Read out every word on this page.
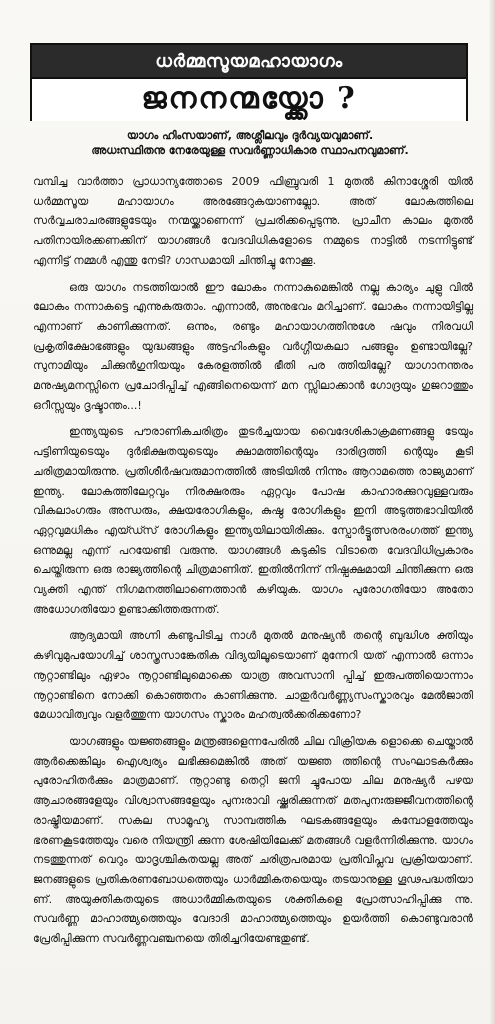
ധർമ്മസൂയമഹായാഗം
ജനനന്മയ്ക്കോ ?
യാഗം ഹിംസയാണ്, അശ്ലീലവും ദുർവ്യയവുമാണ്.
അധഃസ്ഥിതനു നേരേയുള്ള സവർണ്ണാധികാര സ്ഥാപനവുമാണ്.

വമ്പിച്ച വാർത്താ പ്രാധാന്യത്തോടെ 2009 ഫിബ്രുവരി 1 മുതൽ കിനാശ്ശേരി യിൽ ധർമ്മസൂയ മഹായാഗം അരങ്ങേറുകയാണല്ലോ. അത് ലോകത്തിലെ സർവ്വചരാചരങ്ങളുടേയും നന്മയ്ക്കാണെന്ന് പ്രചരിക്കപ്പെടുന്നു. പ്രാചീന കാലം മുതൽ പതിനായിരക്കണക്കിന് യാഗങ്ങൾ വേദവിധികളോടെ നമ്മുടെ നാട്ടിൽ നടന്നിട്ടുണ്ട് എന്നിട്ട് നമ്മൾ എന്തു നേടി? ഗാന്ധമായി ചിന്തിച്ചു നോക്കൂ.

ഒരു യാഗം നടത്തിയാൽ ഈ ലോകം നന്നാകുമെങ്കിൽ നല്ല കാര്യം ചുളു വിൽ ലോകം നന്നാകട്ടെ എന്നുകരുതാം. എന്നാൽ, അനുഭവം മറിച്ചാണ്. ലോകം നന്നായിട്ടില്ല എന്നാണ് കാണിക്കുന്നത്. ഒന്നും, രണ്ടും മഹായാഗത്തിനുശേ ഷവും നിരവധി പ്രകൃതിക്ഷോഭങ്ങളും യുദ്ധങ്ങളും അട്ടഹിംകളും വർഗ്ഗീയകലാ പങ്ങളും ഉണ്ടായില്ലേ? സുനാമിയും ചിക്കുൻഗുനിയയും കേരളത്തിൽ ഭീതി പര ത്തിയില്ലേ? യാഗാനന്തരം മനുഷ്യമനസ്സിനെ പ്രചോദിപ്പിച്ച് എങ്ങിനെയെന്ന് മന സ്സിലാക്കാൻ ഗോദ്രയും ഗുജറാത്തും ഒറീസ്സയും ദൃഷ്ടാന്തം...!

ഇന്ത്യയുടെ പൗരാണികചരിത്രം തുടർച്ചയായ വൈദേശികാക്രമണങ്ങളു ടേയും പട്ടിണിയുടെയും ദുർഭിക്ഷതയുടെയും ക്ഷാമത്തിന്റെയും ദാരിദ്രത്തി ന്റെയും കൂടി ചരിത്രമായിരുന്നു. പ്രതിശീർഷവരുമാനത്തിൽ അടിയിൽ നിന്നും ആറാമത്തെ രാജ്യമാണ് ഇന്ത്യ. ലോകത്തിലേറ്റവും നിരക്ഷരരും ഏറ്റവും പോഷ കാഹാരക്കുറവുള്ളവരും വികലാംഗരും അന്ധരും, ക്ഷയരോഗികളും, കുഷ്ഠ രോഗികളും ഇനി അടുത്തഭാവിയിൽ ഏറ്റവുമധികം എയ്ഡ്സ് രോഗികളും ഇന്ത്യയിലായിരിക്കും. സ്പോർട്ട്മത്സരരംഗത്ത് ഇന്ത്യ ഒന്നുമല്ല എന്ന് പറയേണ്ടി വരുന്നു. യാഗങ്ങൾ കടുകിട വിടാതെ വേദവിധിപ്രകാരം ചെയ്തിരുന്ന ഒരു രാജ്യത്തിന്റെ ചിത്രമാണിത്. ഇതിൽനിന്ന് നിഷ്പക്ഷമായി ചിന്തിക്കുന്ന ഒരു വ്യക്തി എന്ത് നിഗമനത്തിലാണെത്താൻ കഴിയുക. യാഗം പുരോഗതിയോ അതോ അധോഗതിയോ ഉണ്ടാക്കിത്തരുന്നത്.

ആദ്യമായി അഗ്നി കണ്ടുപിടിച്ച നാൾ മുതൽ മനുഷ്യൻ തന്റെ ബുദ്ധിശ ക്തിയും കഴിവുമുപയോഗിച്ച് ശാസ്ത്രസാങ്കേതിക വിദ്യയിലൂടെയാണ് മുന്നേറി യത് എന്നാൽ ഒന്നാം നൂറ്റാണ്ടിലും ഏഴാം നൂറ്റാണ്ടിലുമൊക്കെ യാത്ര അവസാനി പ്പിച്ച് ഇരുപത്തിയൊന്നാം നൂറ്റാണ്ടിനെ നോക്കി കൊഞ്ഞനം കാണിക്കുന്നു. ചാതുർവർണ്ണ്യസംസ്കാരവും മേൽജാതി മേധാവിത്വവും വളർത്തുന്ന യാഗസം സ്കാരം മഹത്വൽക്കരിക്കണോ?

യാഗങ്ങളും യജ്ഞങ്ങളും മന്ത്രങ്ങളെന്നപേരിൽ ചില വിക്രിയക ളൊക്കെ ചെയ്താൽ ആർക്കെങ്കിലും ഐശ്വര്യം ലഭിക്കുമെങ്കിൽ അത് യജ്ഞ ത്തിന്റെ സംഘാടകർക്കും പുരോഹിതർക്കും മാത്രമാണ്. നൂറ്റാണ്ടു തെറ്റി ജനി ച്ചുപോയ ചില മനുഷ്യർ പഴയ ആചാരങ്ങളേയും വിശ്വാസങ്ങളേയും പുനഃരാവി ഷ്ക്കരിക്കുന്നത് മതപുനഃരുജ്ജീവനത്തിന്റെ രാഷ്ട്രീയമാണ്. സകല സാമൂഹ്യ സാമ്പത്തിക ഘടകങ്ങളേയും കമ്പോളത്തേയും ഭരണകൂടത്തേയും വരെ നിയന്ത്രി ക്കുന്ന ശേഷിയിലേക്ക് മതങ്ങൾ വളർന്നിരിക്കുന്നു. യാഗം നടത്തുന്നത് വെറും യാദൃശ്ചികതയല്ല അത് ചരിത്രപരമായ പ്രതിവിപ്ലവ പ്രക്രിയയാണ്. ജനങ്ങളുടെ പ്രതികരണബോധത്തെയും ധാർമ്മികതയെയും തടയാനുള്ള ഗൂഢപദ്ധതിയാ ണ്. അയുക്തികതയുടെ അധാർമ്മികതയുടെ ശക്തികളെ പ്രോത്സാഹിപ്പിക്കു ന്നു. സവർണ്ണ മാഹാത്മ്യത്തെയും വേദാദി മാഹാത്മ്യത്തെയും ഉയർത്തി കൊണ്ടുവരാൻ പ്രേരിപ്പിക്കുന്ന സവർണ്ണവഞ്ചനയെ തിരിച്ചറിയേണ്ടതുണ്ട്.
